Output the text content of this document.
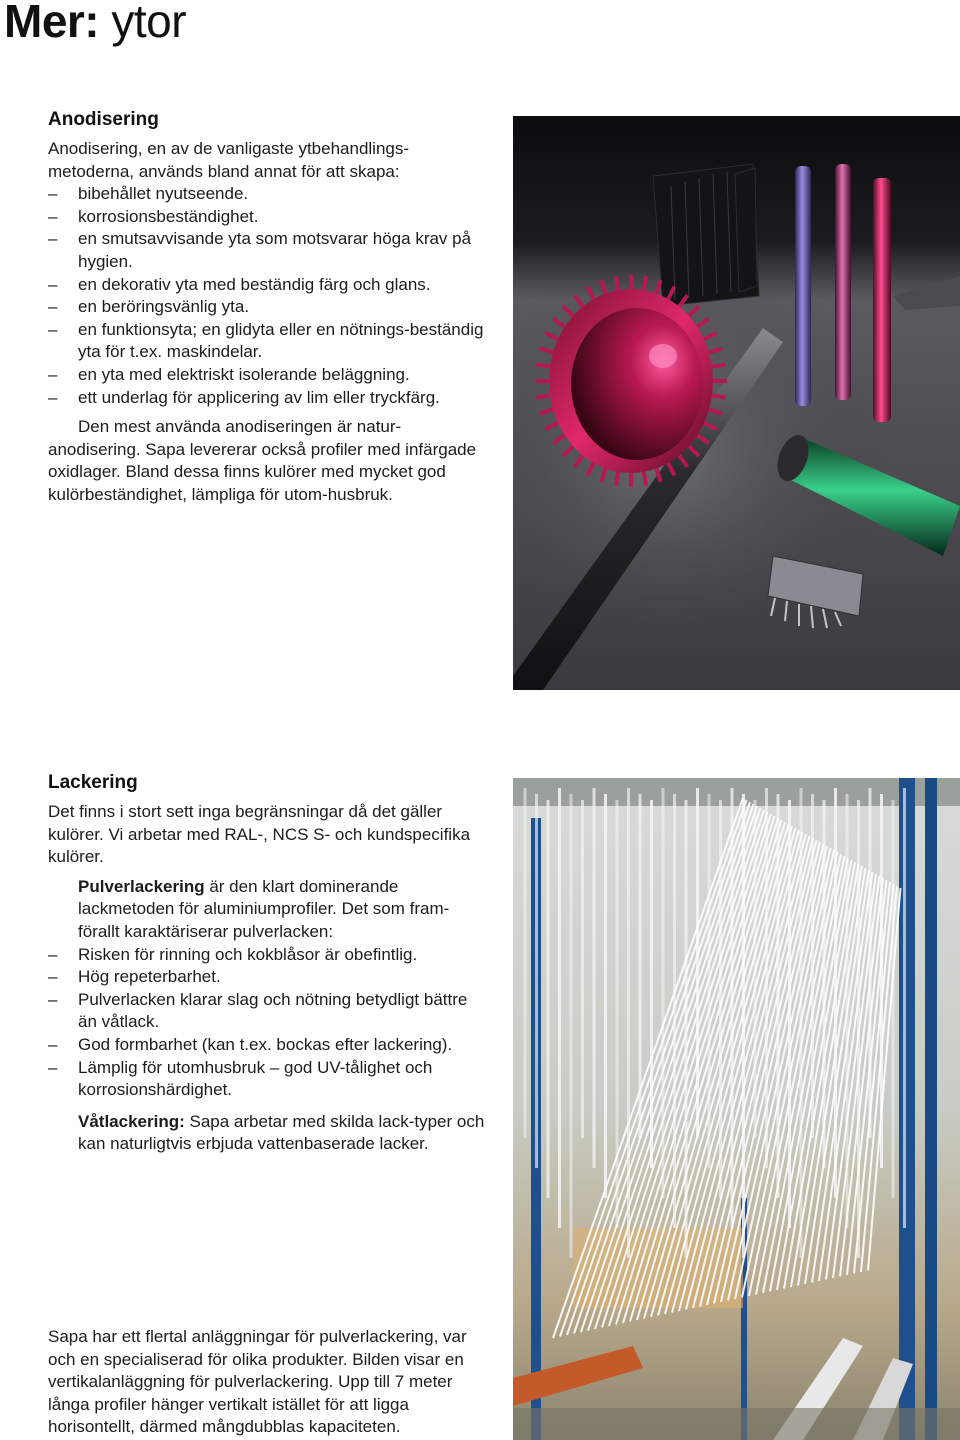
Mer: ytor
Anodisering

Anodisering, en av de vanligaste ytbehandlings-metoderna, används bland annat för att skapa:

– bibehållet nyutseende.
– korrosionsbeständighet.
– en smutsavvisande yta som motsvarar höga krav på hygien.
– en dekorativ yta med beständig färg och glans.
– en beröringsvänlig yta.
– en funktionsyta; en glidyta eller en nötnings-beständig yta för t.ex. maskindelar.
– en yta med elektriskt isolerande beläggning.
– ett underlag för applicering av lim eller tryckfärg.

Den mest använda anodiseringen är natur-

anodisering. Sapa levererar också profiler med infärgade oxidlager. Bland dessa finns kulörer med mycket god kulörbeständighet, lämpliga för utom-husbruk.

Lackering

Det finns i stort sett inga begränsningar då det gäller kulörer. Vi arbetar med RAL-, NCS S- och kundspecifika kulörer.

Pulverlackering är den klart dominerande lackmetoden för aluminiumprofiler. Det som fram-förallt karaktäriserar pulverlacken:

– Risken för rinning och kokblåsor är obefintlig.
– Hög repeterbarhet.
– Pulverlacken klarar slag och nötning betydligt bättre än våtlack.
– God formbarhet (kan t.ex. bockas efter lackering).
– Lämplig för utomhusbruk – god UV-tålighet och korrosionshärdighet.

Våtlackering: Sapa arbetar med skilda lack-typer och kan naturligtvis erbjuda vattenbaserade lacker.

Sapa har ett flertal anläggningar för pulverlackering, var och en specialiserad för olika produkter. Bilden visar en vertikalanläggning för pulverlackering. Upp till 7 meter långa profiler hänger vertikalt istället för att ligga horisontellt, därmed mångdubblas kapaciteten.
